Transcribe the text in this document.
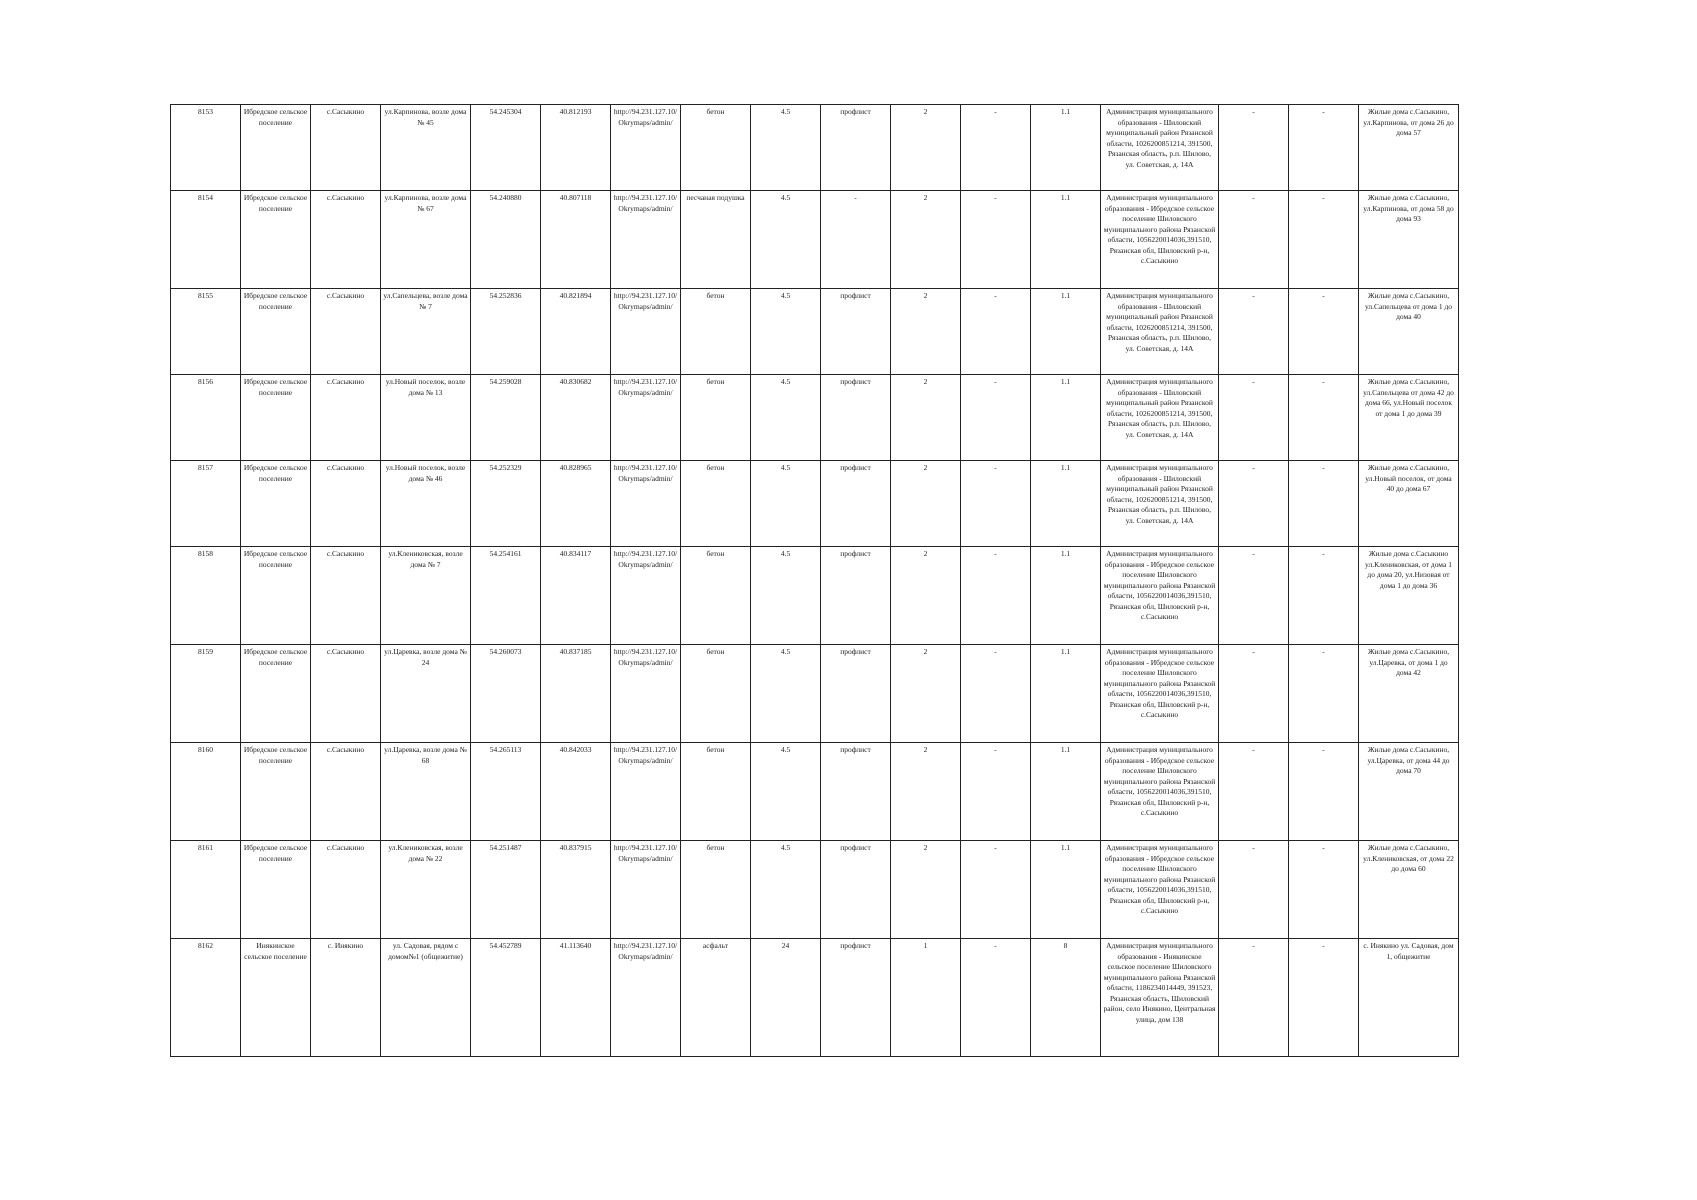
8153	Ибредское сельское поселение	с.Сасыкино	ул.Карпинова, возле дома № 45	54.245304	40.812193	http://94.231.127.10/Okrymaps/admin/	бетон	4.5	профлист	2	-	1.1	Администрация муниципального образования - Шиловский муниципальный район Рязанской области, 1026200851214, 391500, Рязанская область, р.п. Шилово, ул. Советская, д. 14А	-	-	Жилые дома с.Сасыкино, ул.Карпинова, от дома 26 до дома 57
8154	Ибредское сельское поселение	с.Сасыкино	ул.Карпинова, возле дома № 67	54.240880	40.807118	http://94.231.127.10/Okrymaps/admin/	песчаная подушка	4.5	-	2	-	1.1	Администрация муниципального образования - Ибредское сельское поселение Шиловского муниципального района Рязанской области, 1056220014036,391510, Рязанская обл, Шиловский р-н, с.Сасыкино	-	-	Жилые дома с.Сасыкино, ул.Карпинова, от дома 58 до дома 93
8155	Ибредское сельское поселение	с.Сасыкино	ул.Сапельцева, возле дома № 7	54.252836	40.821894	http://94.231.127.10/Okrymaps/admin/	бетон	4.5	профлист	2	-	1.1	Администрация муниципального образования - Шиловский муниципальный район Рязанской области, 1026200851214, 391500, Рязанская область, р.п. Шилово, ул. Советская, д. 14А	-	-	Жилые дома с.Сасыкино, ул.Сапельцева от дома 1 до дома 40
8156	Ибредское сельское поселение	с.Сасыкино	ул.Новый поселок, возле дома № 13	54.259028	40.830682	http://94.231.127.10/Okrymaps/admin/	бетон	4.5	профлист	2	-	1.1	Администрация муниципального образования - Шиловский муниципальный район Рязанской области, 1026200851214, 391500, Рязанская область, р.п. Шилово, ул. Советская, д. 14А	-	-	Жилые дома с.Сасыкино, ул.Сапельцева от дома 42 до дома 66, ул.Новый поселок от дома 1 до дома 39
8157	Ибредское сельское поселение	с.Сасыкино	ул.Новый поселок, возле дома № 46	54.252329	40.828965	http://94.231.127.10/Okrymaps/admin/	бетон	4.5	профлист	2	-	1.1	Администрация муниципального образования - Шиловский муниципальный район Рязанской области, 1026200851214, 391500, Рязанская область, р.п. Шилово, ул. Советская, д. 14А	-	-	Жилые дома с.Сасыкино, ул.Новый поселок, от дома 40 до дома 67
8158	Ибредское сельское поселение	с.Сасыкино	ул.Клениковская, возле дома № 7	54.254161	40.834117	http://94.231.127.10/Okrymaps/admin/	бетон	4.5	профлист	2	-	1.1	Администрация муниципального образования - Ибредское сельское поселение Шиловского муниципального района Рязанской области, 1056220014036,391510, Рязанская обл, Шиловский р-н, с.Сасыкино	-	-	Жилые дома с.Сасыкино ул.Клениковская, от дома 1 до дома 20, ул.Низовая от дома 1 до дома 36
8159	Ибредское сельское поселение	с.Сасыкино	ул.Царевка, возле дома № 24	54.260073	40.837185	http://94.231.127.10/Okrymaps/admin/	бетон	4.5	профлист	2	-	1.1	Администрация муниципального образования - Ибредское сельское поселение Шиловского муниципального района Рязанской области, 1056220014036,391510, Рязанская обл, Шиловский р-н, с.Сасыкино	-	-	Жилые дома с.Сасыкино, ул.Царевка, от дома 1 до дома 42
8160	Ибредское сельское поселение	с.Сасыкино	ул.Царевка, возле дома № 68	54.265113	40.842033	http://94.231.127.10/Okrymaps/admin/	бетон	4.5	профлист	2	-	1.1	Администрация муниципального образования - Ибредское сельское поселение Шиловского муниципального района Рязанской области, 1056220014036,391510, Рязанская обл, Шиловский р-н, с.Сасыкино	-	-	Жилые дома с.Сасыкино, ул.Царевка, от дома 44 до дома 70
8161	Ибредское сельское поселение	с.Сасыкино	ул.Клениковская, возле дома № 22	54.251487	40.837915	http://94.231.127.10/Okrymaps/admin/	бетон	4.5	профлист	2	-	1.1	Администрация муниципального образования - Ибредское сельское поселение Шиловского муниципального района Рязанской области, 1056220014036,391510, Рязанская обл, Шиловский р-н, с.Сасыкино	-	-	Жилые дома с.Сасыкино, ул.Клениковская, от дома 22 до дома 60
8162	Инякинское сельское поселение	с. Инякино	ул. Садовая, рядом с домом№1 (общежитие)	54.452789	41.113640	http://94.231.127.10/Okrymaps/admin/	асфальт	24	профлист	1	-	8	Администрация муниципального образования - Инякинское сельское поселение Шиловского муниципального района Рязанской области, 1186234014449, 391523, Рязанская область, Шиловский район, село Инякино, Центральная улица, дом 138	-	-	с. Инякино ул. Садовая, дом 1, общежитие
